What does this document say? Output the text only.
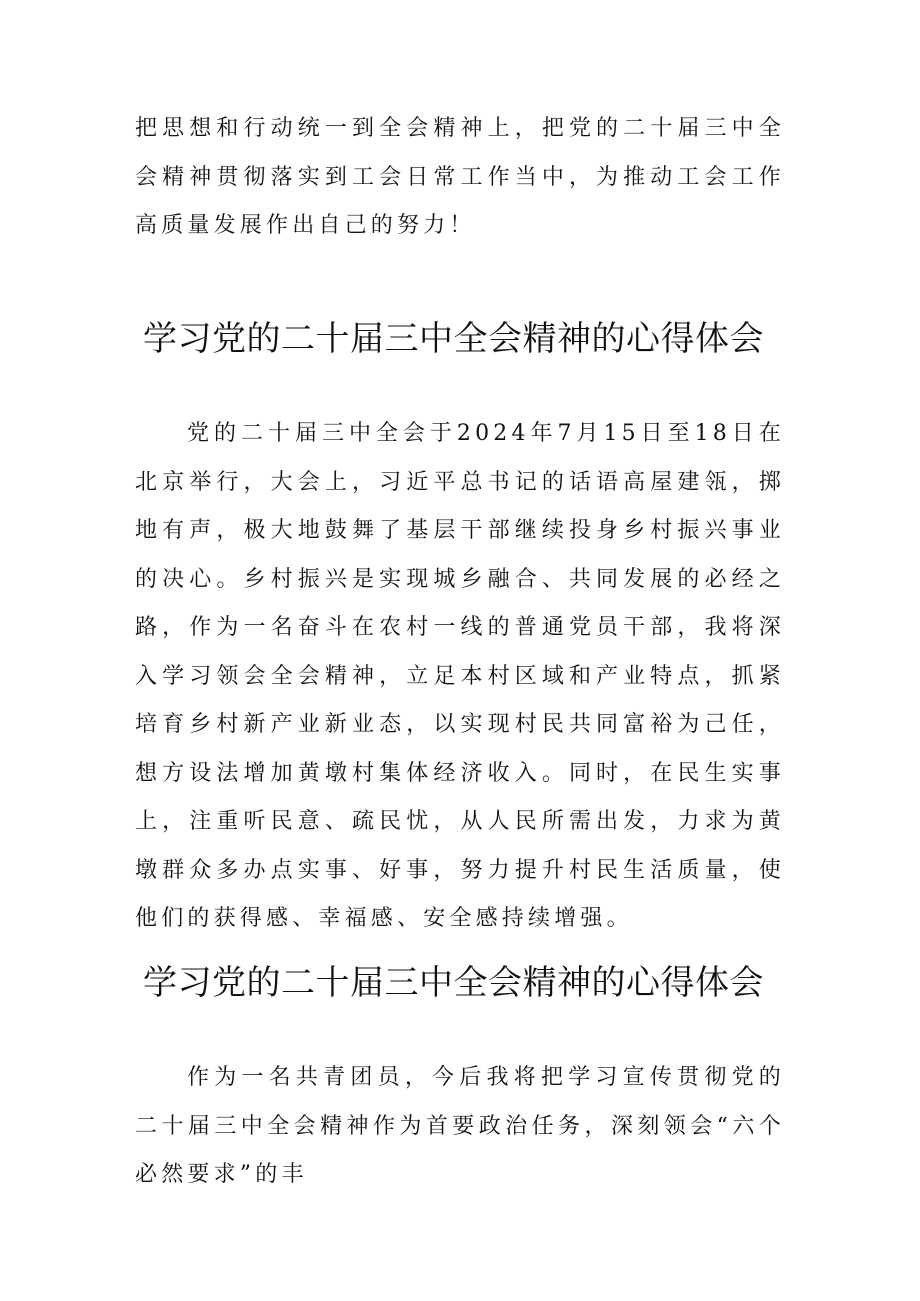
把思想和行动统一到全会精神上，把党的二十届三中全会精神贯彻落实到工会日常工作当中，为推动工会工作高质量发展作出自己的努力！

学习党的二十届三中全会精神的心得体会

党的二十届三中全会于2024年7月15日至18日在北京举行，大会上，习近平总书记的话语高屋建瓴，掷地有声，极大地鼓舞了基层干部继续投身乡村振兴事业的决心。乡村振兴是实现城乡融合、共同发展的必经之路，作为一名奋斗在农村一线的普通党员干部，我将深入学习领会全会精神，立足本村区域和产业特点，抓紧培育乡村新产业新业态，以实现村民共同富裕为己任，想方设法增加黄墩村集体经济收入。同时，在民生实事上，注重听民意、疏民忧，从人民所需出发，力求为黄墩群众多办点实事、好事，努力提升村民生活质量，使他们的获得感、幸福感、安全感持续增强。

学习党的二十届三中全会精神的心得体会

作为一名共青团员，今后我将把学习宣传贯彻党的二十届三中全会精神作为首要政治任务，深刻领会“六个必然要求”的丰
